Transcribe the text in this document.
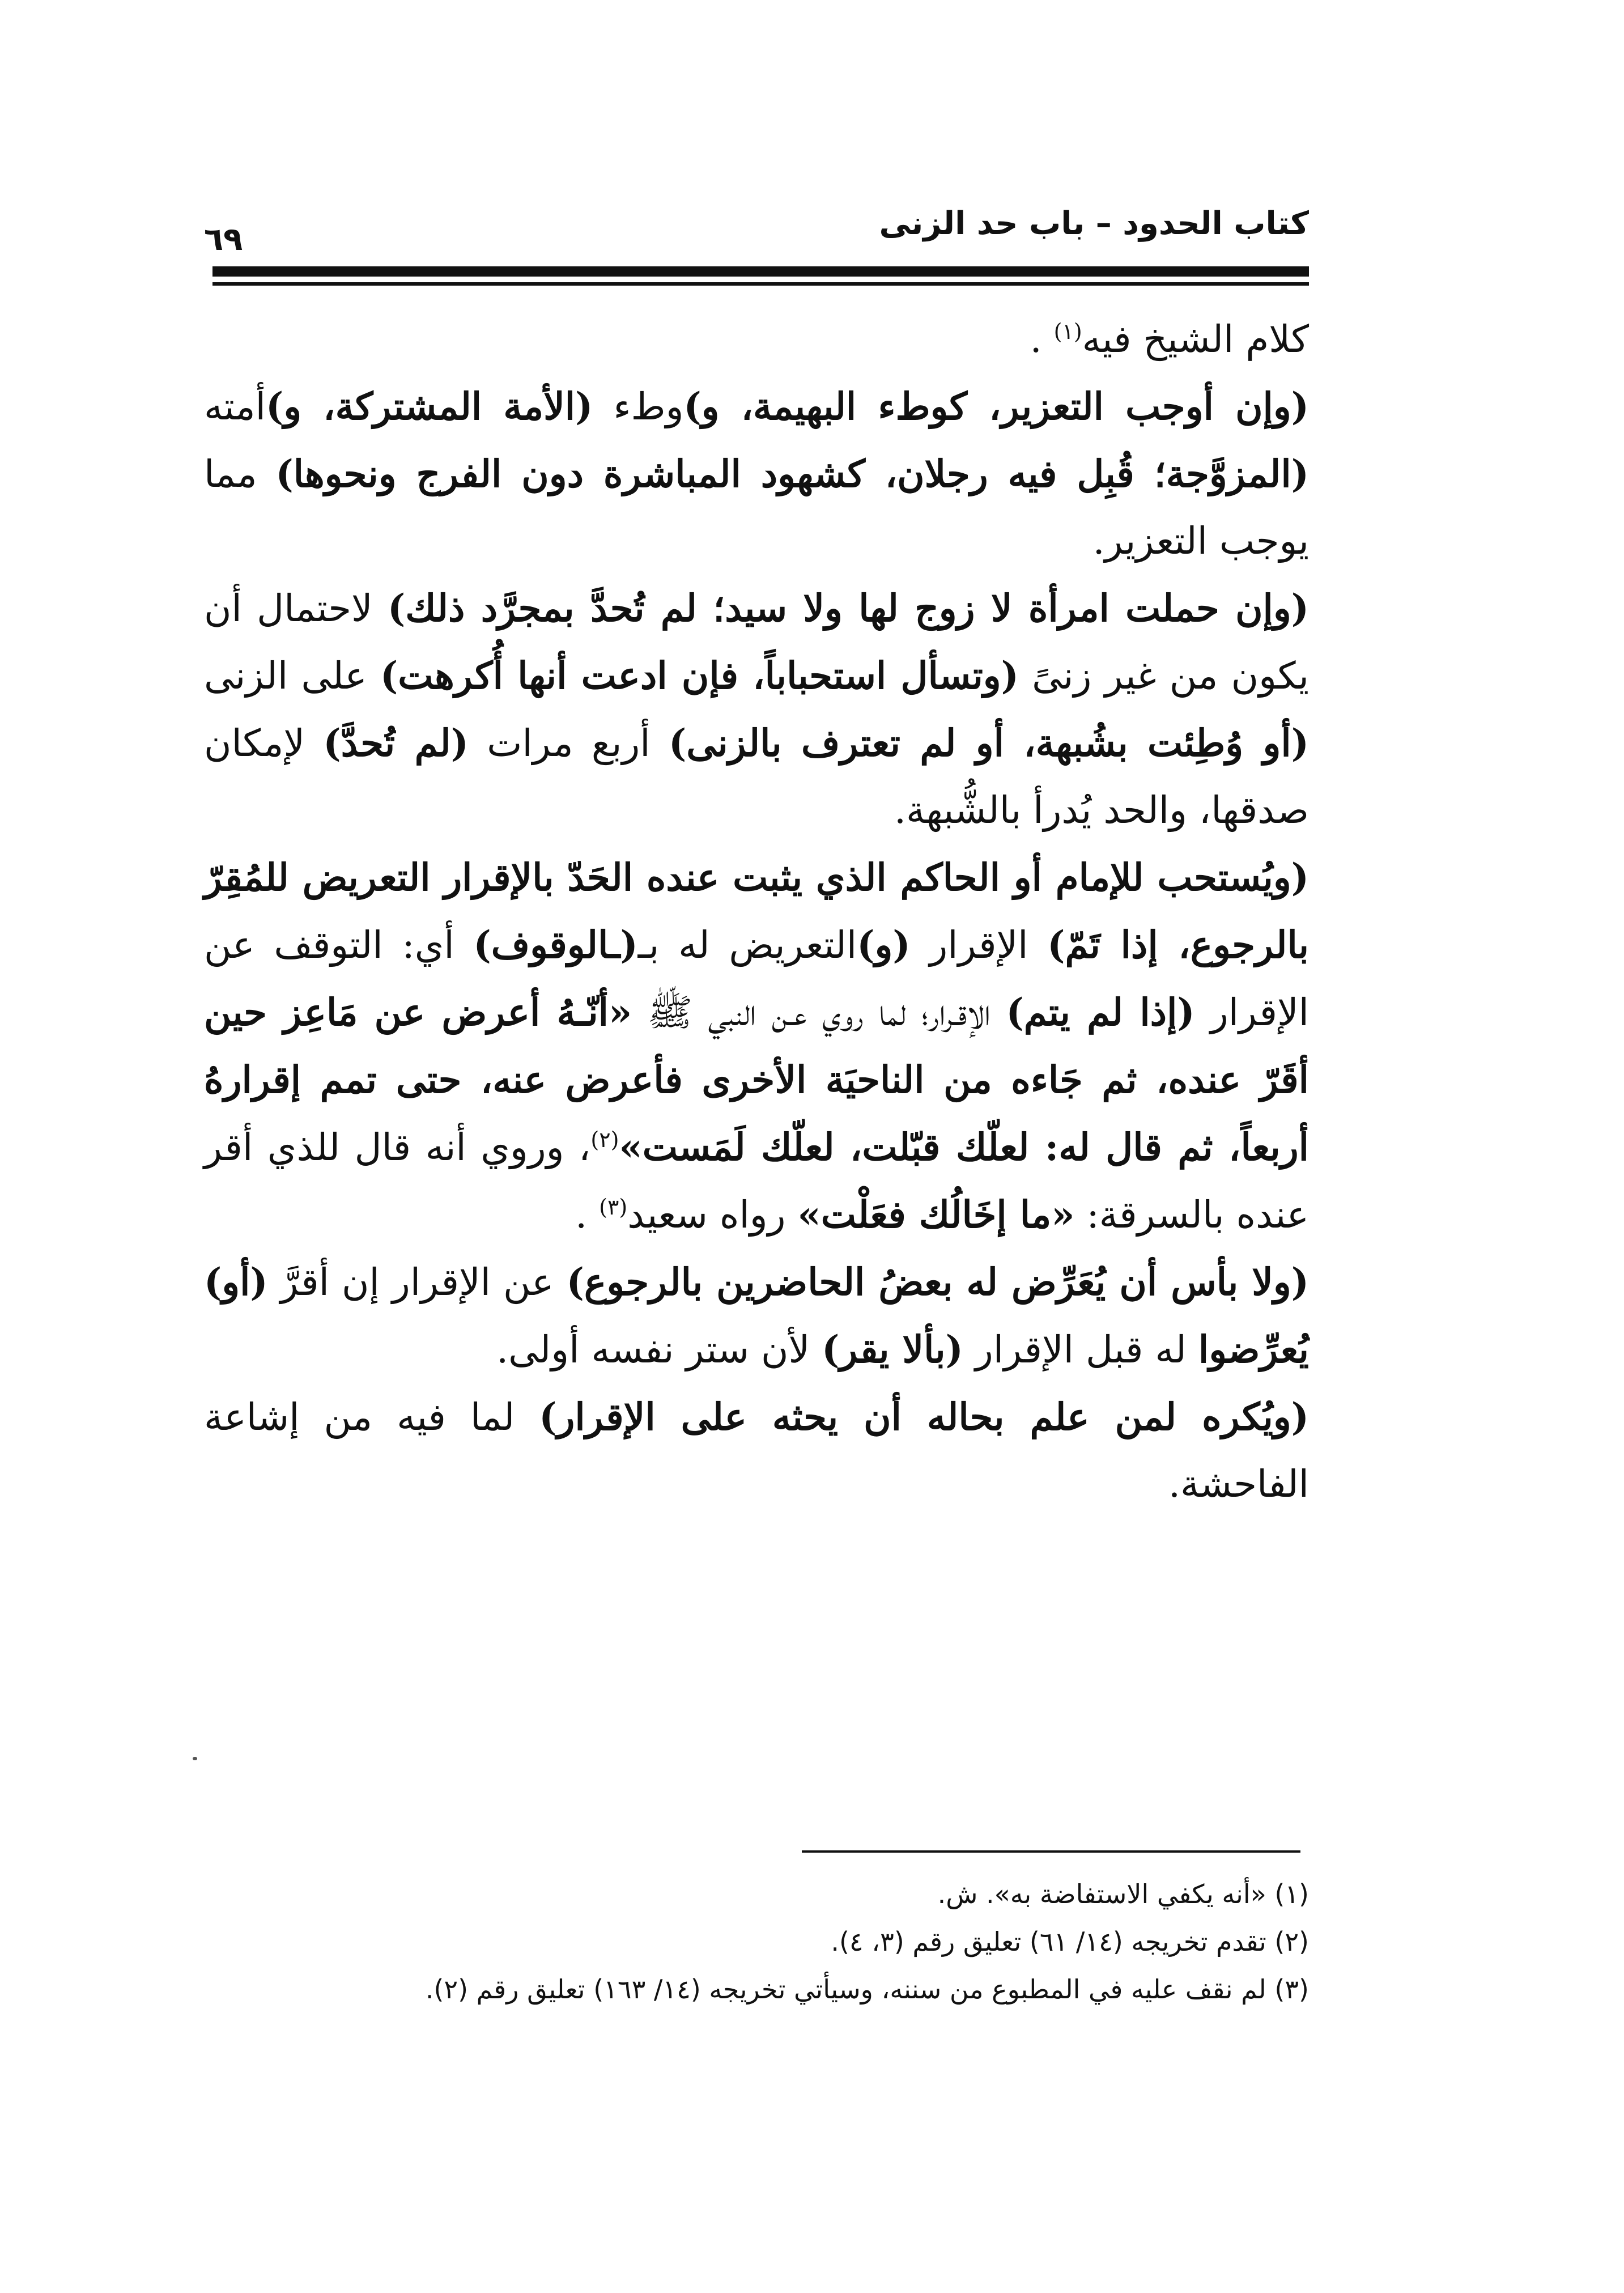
كتاب الحدود – باب حد الزنى
٦٩

كلام الشيخ فيه$^{(١)}$ .

(وإن أوجب التعزير، كوطء البهيمة، و)وطء (الأمة المشتركة، و)أمته (المزوَّجة؛ قُبِل فيه رجلان، كشهود المباشرة دون الفرج ونحوها) مما يوجب التعزير.

(وإن حملت امرأة لا زوج لها ولا سيد؛ لم تُحدَّ بمجرَّد ذلك) لاحتمال أن يكون من غير زنىً (وتسأل استحباباً، فإن ادعت أنها أُكرهت) على الزنى (أو وُطِئت بشُبهة، أو لم تعترف بالزنى) أربع مرات (لم تُحدَّ) لإمكان صدقها، والحد يُدرأ بالشُّبهة.

(ويُستحب للإمام أو الحاكم الذي يثبت عنده الحَدّ بالإقرار التعريض للمُقِرّ بالرجوع، إذا تَمّ) الإقرار (و)التعريض له بـ(ـالوقوف) أي: التوقف عن الإقرار (إذا لم يتم) الإقـرار؛ لما روي عـن النبي ﷺ «أنّـهُ أعرض عن مَاعِز حين أقَرّ عنده، ثم جَاءه من الناحيَة الأخرى فأعرض عنه، حتى تمم إقرارهُ أربعاً، ثم قال له: لعلّك قبّلت، لعلّك لَمَست»$^{(٢)}$، وروي أنه قال للذي أقر عنده بالسرقة: «ما إخَالُك فعَلْت» رواه سعيد$^{(٣)}$ .

(ولا بأس أن يُعَرِّض له بعضُ الحاضرين بالرجوع) عن الإقرار إن أقرَّ (أو) يُعرِّضوا له قبل الإقرار (بألا يقر) لأن ستر نفسه أولى.

(ويُكره لمن علم بحاله أن يحثه على الإقرار) لما فيه من إشاعة الفاحشة.

(١) «أنه يكفي الاستفاضة به». ش.
(٢) تقدم تخريجه (١٤/ ٦١) تعليق رقم (٣، ٤).
(٣) لم نقف عليه في المطبوع من سننه، وسيأتي تخريجه (١٤/ ١٦٣) تعليق رقم (٢).
